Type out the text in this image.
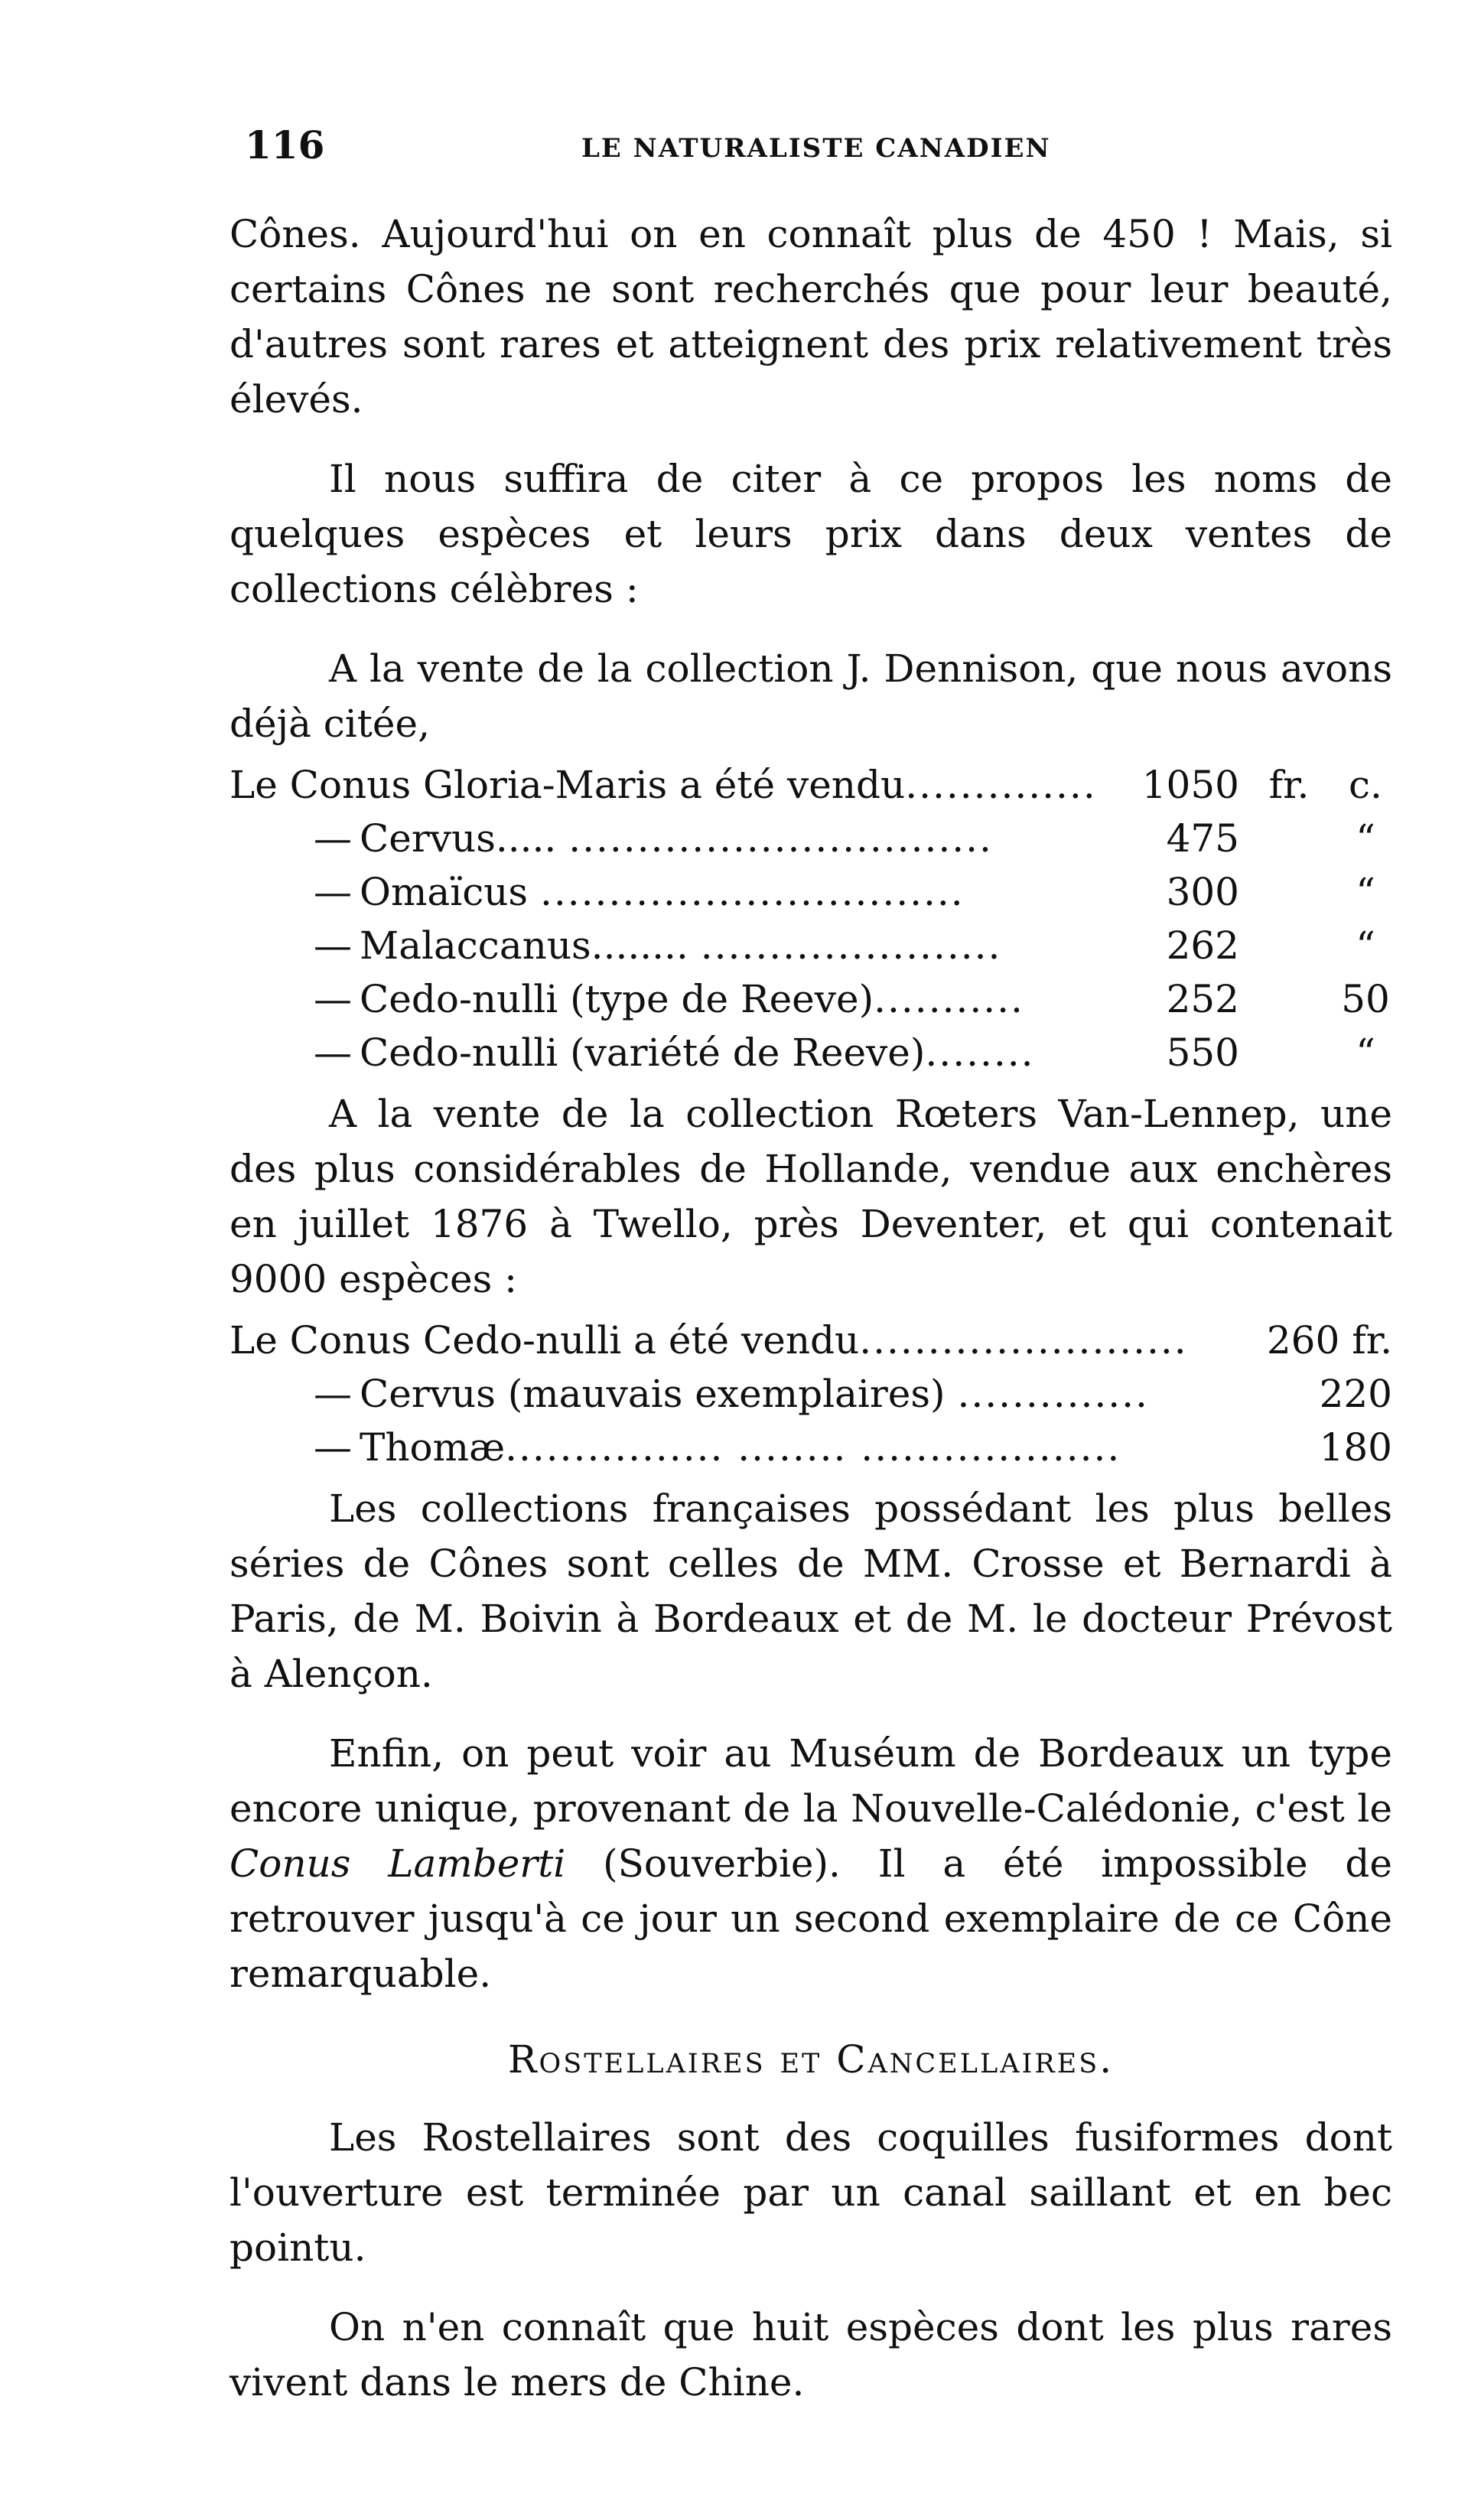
116	LE NATURALISTE CANADIEN

Cônes. Aujourd'hui on en connaît plus de 450 ! Mais, si certains Cônes ne sont recherchés que pour leur beauté, d'autres sont rares et atteignent des prix relativement très élevés.

Il nous suffira de citer à ce propos les noms de quelques espèces et leurs prix dans deux ventes de collections célèbres :

A la vente de la collection J. Dennison, que nous avons déjà citée,

Le Conus Gloria-Maris a été vendu..............	1050 fr.	c.
— Cervus..... ...............................	475	“
— Omaïcus ...............................	300	“
— Malaccanus........ ......................	262	“
— Cedo-nulli (type de Reeve)...........	252	50
— Cedo-nulli (variété de Reeve)........	550	“

A la vente de la collection Rœters Van-Lennep, une des plus considérables de Hollande, vendue aux enchères en juillet 1876 à Twello, près Deventer, et qui contenait 9000 espèces :

Le Conus Cedo-nulli a été vendu........................	260 fr.
— Cervus (mauvais exemplaires) ..............	220
— Thomæ................ ........ ...................	180

Les collections françaises possédant les plus belles séries de Cônes sont celles de MM. Crosse et Bernardi à Paris, de M. Boivin à Bordeaux et de M. le docteur Prévost à Alençon.

Enfin, on peut voir au Muséum de Bordeaux un type encore unique, provenant de la Nouvelle-Calédonie, c'est le Conus Lamberti (Souverbie). Il a été impossible de retrouver jusqu'à ce jour un second exemplaire de ce Cône remarquable.

Rostellaires et Cancellaires.

Les Rostellaires sont des coquilles fusiformes dont l'ouverture est terminée par un canal saillant et en bec pointu.

On n'en connaît que huit espèces dont les plus rares vivent dans le mers de Chine.
